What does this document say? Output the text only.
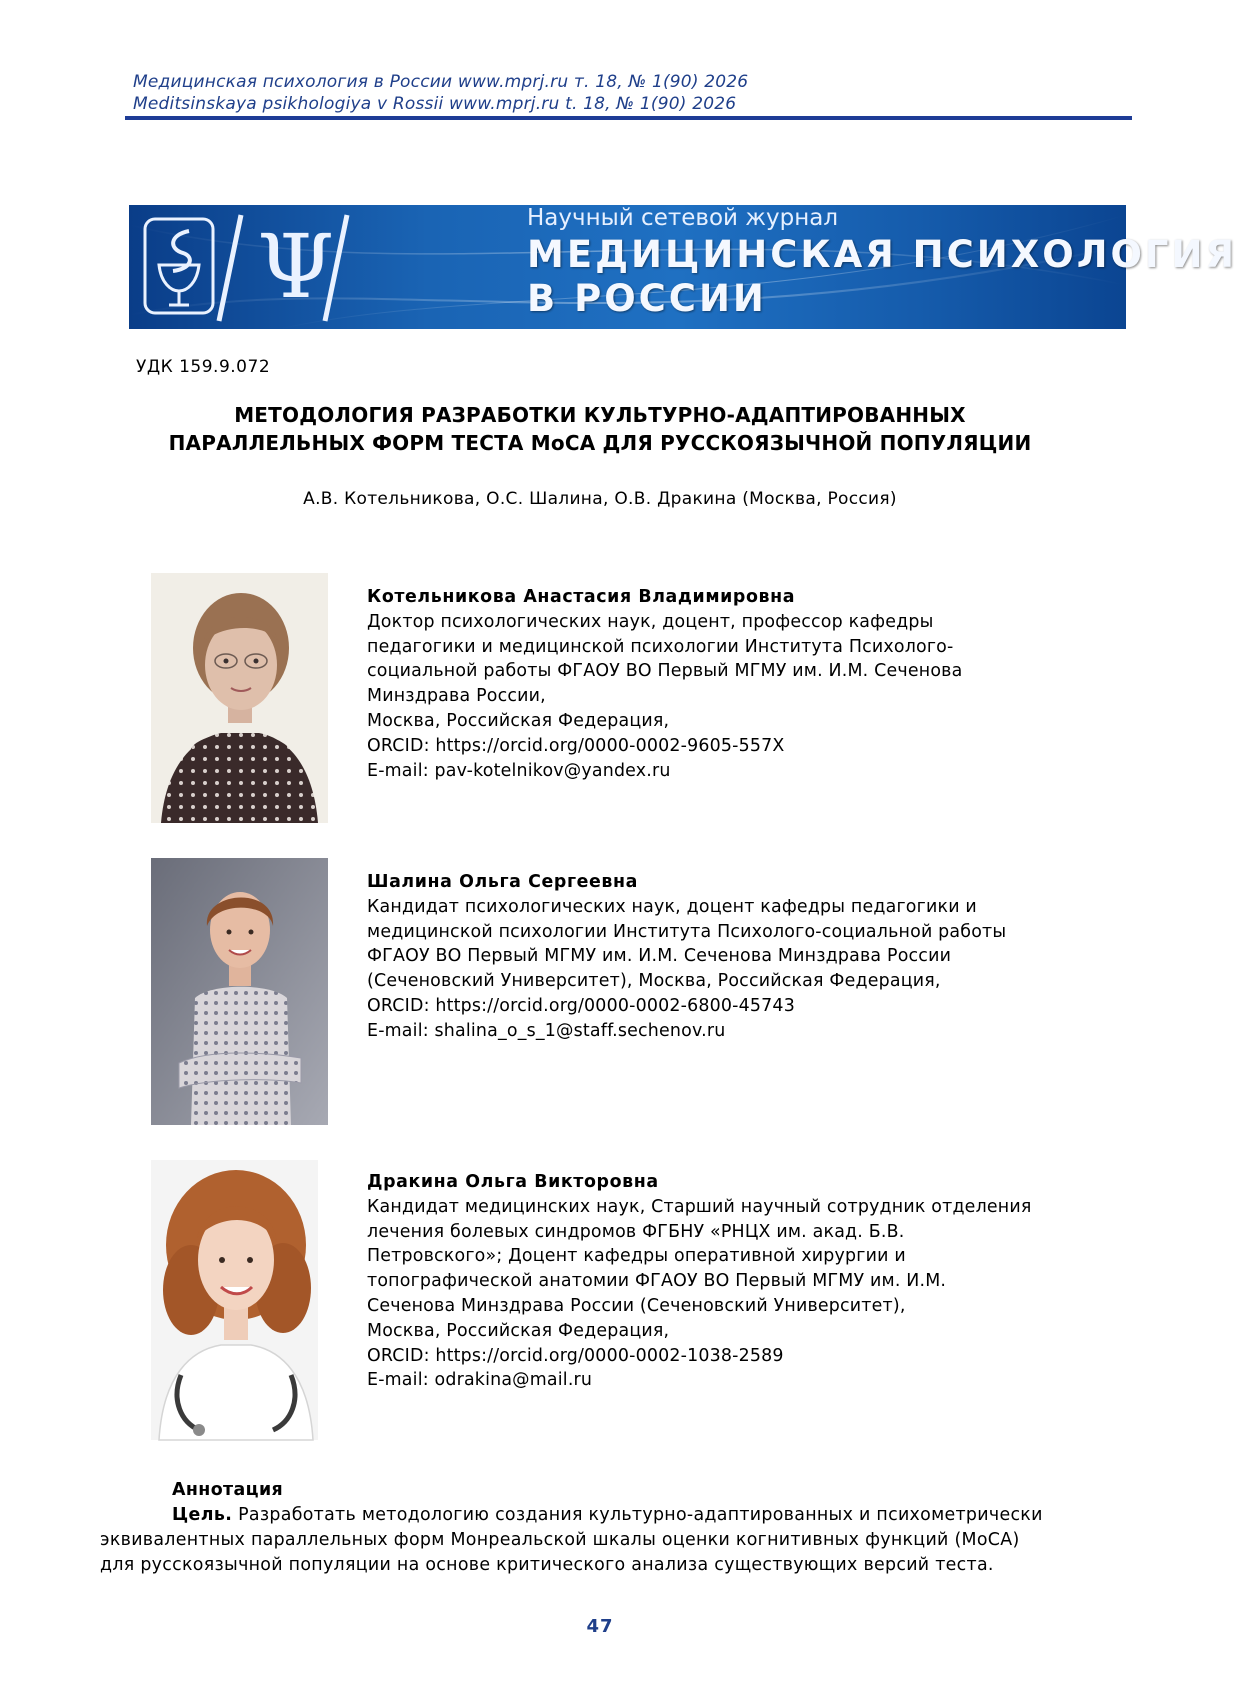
Медицинская психология в России www.mprj.ru т. 18, № 1(90) 2026
Meditsinskaya psikhologiya v Rossii www.mprj.ru t. 18, № 1(90) 2026
Ψ	Научный сетевой журнал
МЕДИЦИНСКАЯ ПСИХОЛОГИЯ
В РОССИИ
УДК 159.9.072
МЕТОДОЛОГИЯ РАЗРАБОТКИ КУЛЬТУРНО-АДАПТИРОВАННЫХ
ПАРАЛЛЕЛЬНЫХ ФОРМ ТЕСТА МоСА ДЛЯ РУССКОЯЗЫЧНОЙ ПОПУЛЯЦИИ
А.В. Котельникова, О.С. Шалина, О.В. Дракина (Москва, Россия)
Котельникова Анастасия Владимировна
Доктор психологических наук, доцент, профессор кафедры
педагогики и медицинской психологии Института Психолого-
социальной работы ФГАОУ ВО Первый МГМУ им. И.М. Сеченова
Минздрава России,
Москва, Российская Федерация,
ORCID: https://orcid.org/0000-0002-9605-557X
E-mail: pav-kotelnikov@yandex.ru
Шалина Ольга Сергеевна
Кандидат психологических наук, доцент кафедры педагогики и
медицинской психологии Института Психолого-социальной работы
ФГАОУ ВО Первый МГМУ им. И.М. Сеченова Минздрава России
(Сеченовский Университет), Москва, Российская Федерация,
ORCID: https://orcid.org/0000-0002-6800-45743
E-mail: shalina_o_s_1@staff.sechenov.ru
Дракина Ольга Викторовна
Кандидат медицинских наук, Старший научный сотрудник отделения
лечения болевых синдромов ФГБНУ «РНЦХ им. акад. Б.В.
Петровского»; Доцент кафедры оперативной хирургии и
топографической анатомии ФГАОУ ВО Первый МГМУ им. И.М.
Сеченова Минздрава России (Сеченовский Университет),
Москва, Российская Федерация,
ORCID: https://orcid.org/0000-0002-1038-2589
E-mail: odrakina@mail.ru
Аннотация
Цель. Разработать методологию создания культурно-адаптированных и психометрически
эквивалентных параллельных форм Монреальской шкалы оценки когнитивных функций (МоСА)
для русскоязычной популяции на основе критического анализа существующих версий теста.
47
